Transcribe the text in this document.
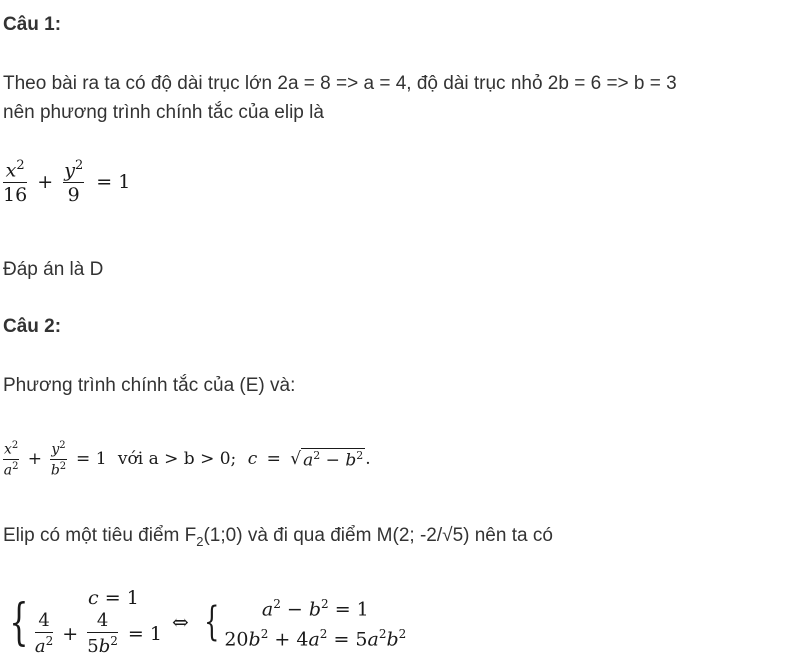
Câu 1:
Theo bài ra ta có độ dài trục lớn 2a = 8 => a = 4, độ dài trục nhỏ 2b = 6 => b = 3
nên phương trình chính tắc của elip là
$\frac{x^2}{16} + \frac{y^2}{9} = 1$
Đáp án là D
Câu 2:
Phương trình chính tắc của (E) và:
$\frac{x^2}{a^2} + \frac{y^2}{b^2} = 1$ với a > b > 0; c = √ $a^2 - b^2$ .
Elip có một tiêu điểm $F_2(1;0)$ và đi qua điểm M(2; -2/√5) nên ta có
{	c = 1
$\frac{4}{a^2} + \frac{4}{5b^2} = 1$ ⇔ {	$a^2 - b^2 = 1$
$20b^2 + 4a^2 = 5a^2b^2$
